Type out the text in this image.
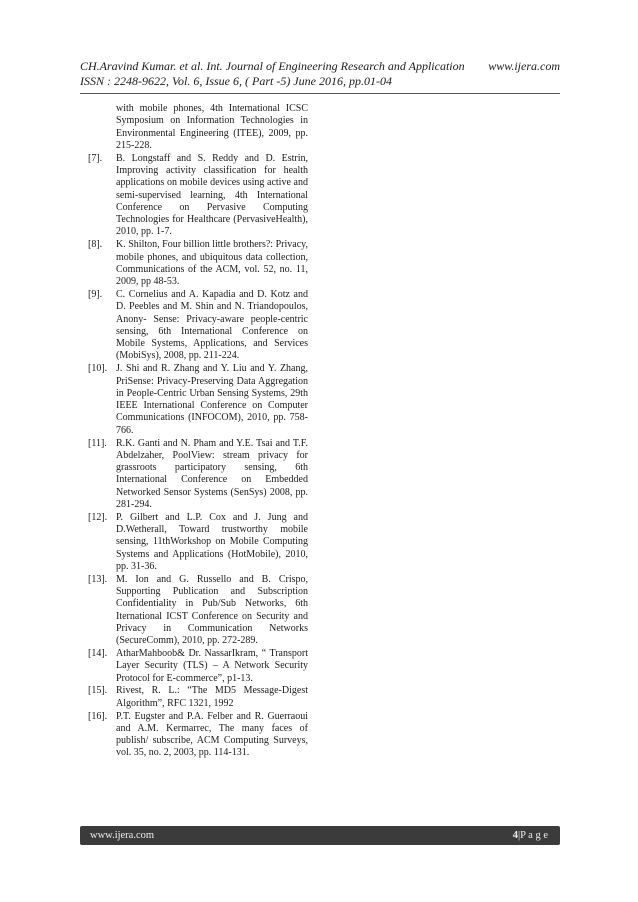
CH.Aravind Kumar. et al. Int. Journal of Engineering Research and Application www.ijera.com
ISSN : 2248-9622, Vol. 6, Issue 6, ( Part -5) June 2016, pp.01-04
with mobile phones, 4th International ICSC Symposium on Information Technologies in Environmental Engineering (ITEE), 2009, pp. 215-228.
[7].	B. Longstaff and S. Reddy and D. Estrin, Improving activity classification for health applications on mobile devices using active and semi-supervised learning, 4th International Conference on Pervasive Computing Technologies for Healthcare (PervasiveHealth), 2010, pp. 1-7.
[8].	K. Shilton, Four billion little brothers?: Privacy, mobile phones, and ubiquitous data collection, Communications of the ACM, vol. 52, no. 11, 2009, pp 48-53.
[9].	C. Cornelius and A. Kapadia and D. Kotz and D. Peebles and M. Shin and N. Triandopoulos, Anony- Sense: Privacy-aware people-centric sensing, 6th International Conference on Mobile Systems, Applications, and Services (MobiSys), 2008, pp. 211-224.
[10]. J. Shi and R. Zhang and Y. Liu and Y. Zhang, PriSense: Privacy-Preserving Data Aggregation in People-Centric Urban Sensing Systems, 29th IEEE International Conference on Computer Communications (INFOCOM), 2010, pp. 758-766.
[11]. R.K. Ganti and N. Pham and Y.E. Tsai and T.F. Abdelzaher, PoolView: stream privacy for grassroots participatory sensing, 6th International Conference on Embedded Networked Sensor Systems (SenSys) 2008, pp. 281-294.
[12]. P. Gilbert and L.P. Cox and J. Jung and D.Wetherall, Toward trustworthy mobile sensing, 11thWorkshop on Mobile Computing Systems and Applications (HotMobile), 2010, pp. 31-36.
[13]. M. Ion and G. Russello and B. Crispo, Supporting Publication and Subscription Confidentiality in Pub/Sub Networks, 6th Iternational ICST Conference on Security and Privacy in Communication Networks (SecureComm), 2010, pp. 272-289.
[14]. AtharMahboob& Dr. NassarIkram, “ Transport Layer Security (TLS) – A Network Security Protocol for E-commerce”, p1-13.
[15]. Rivest, R. L.: “The MD5 Message-Digest Algorithm”, RFC 1321, 1992
[16]. P.T. Eugster and P.A. Felber and R. Guerraoui and A.M. Kermarrec, The many faces of publish/ subscribe, ACM Computing Surveys, vol. 35, no. 2, 2003, pp. 114-131.
www.ijera.com	4|P a g e
